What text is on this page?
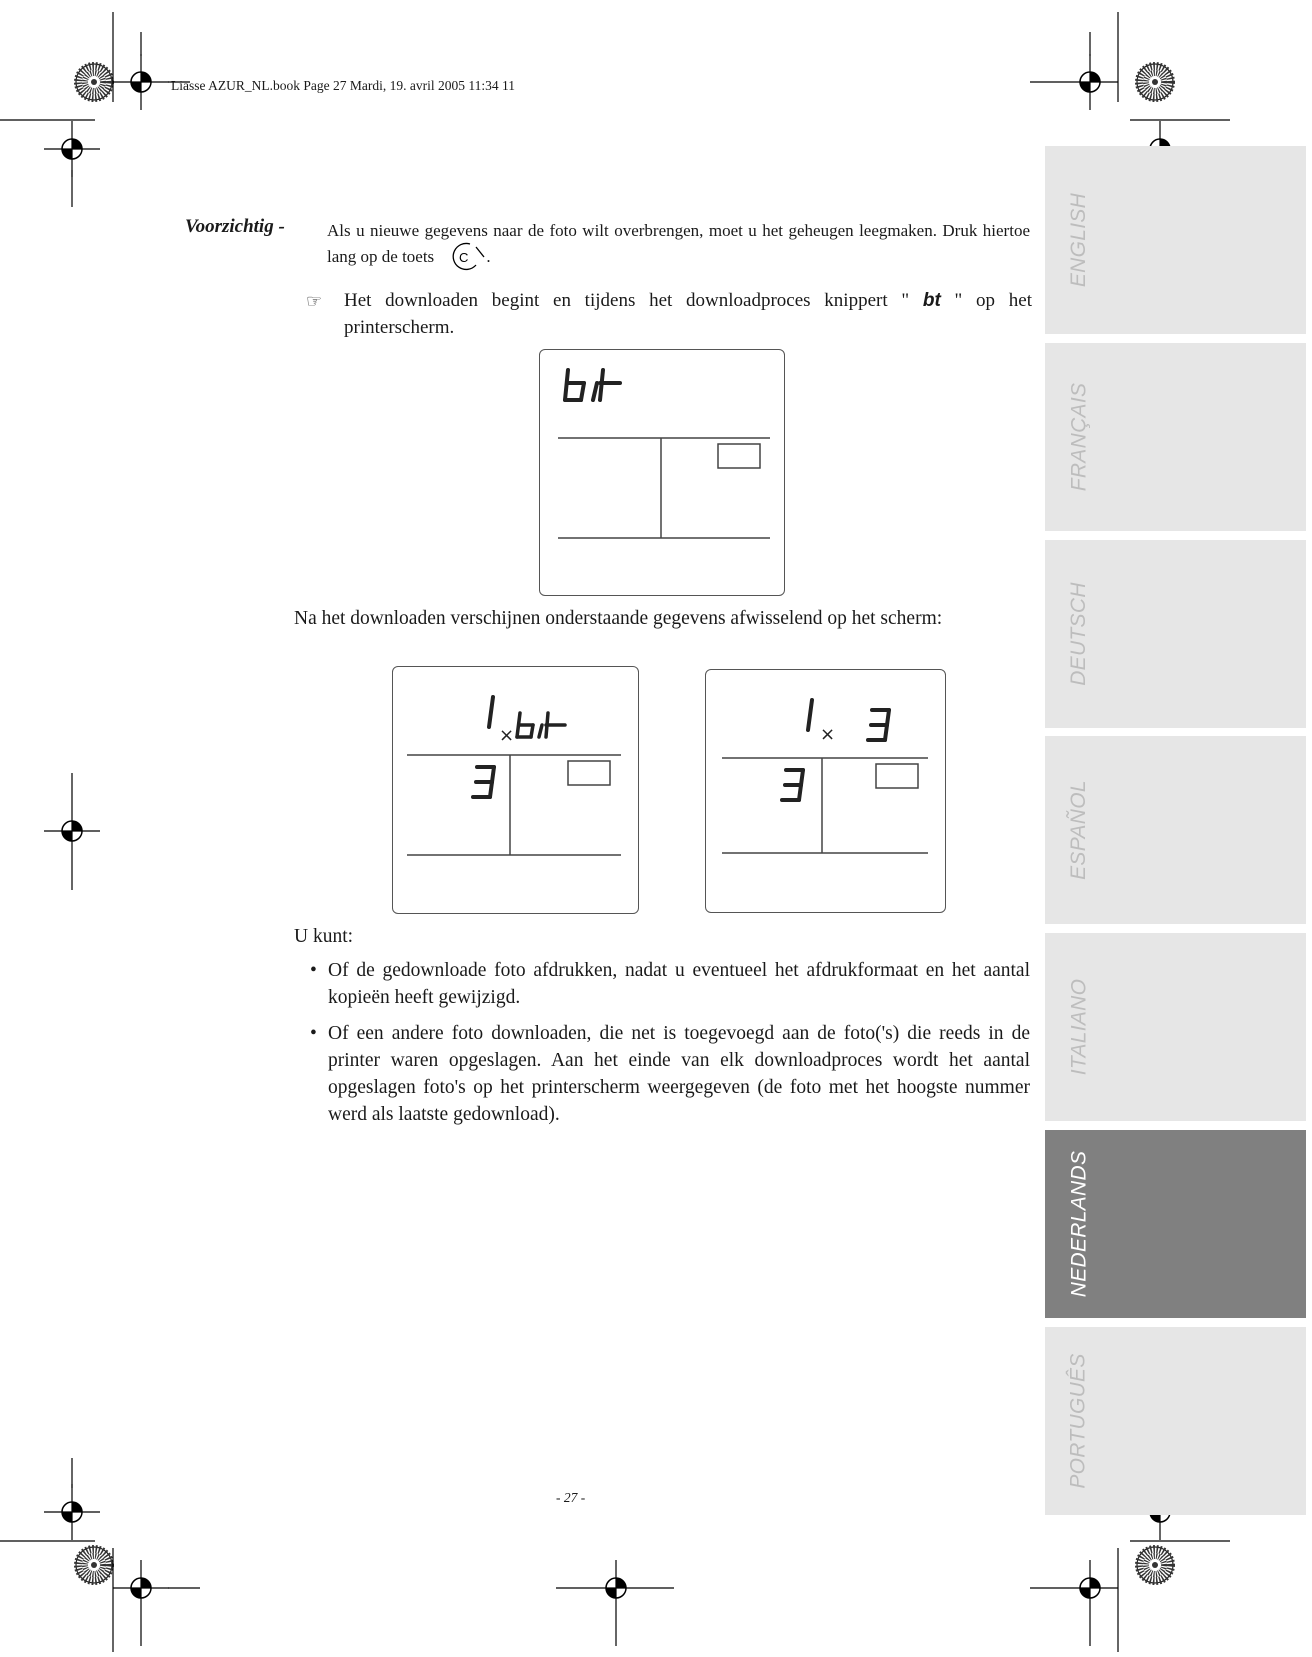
Liasse AZUR_NL.book Page 27 Mardi, 19. avril 2005 11:34 11
ENGLISH
FRANÇAIS
DEUTSCH
ESPAÑOL
ITALIANO
NEDERLANDS
PORTUGUÊS
Voorzichtig - Als u nieuwe gegevens naar de foto wilt overbrengen, moet u het geheugen leegmaken. Druk hiertoe lang op de toets C .
☞	Het downloaden begint en tijdens het downloadproces knippert " bt " op het printerscherm.
Na het downloaden verschijnen onderstaande gegevens afwisselend op het scherm:
×	×
U kunt:
• Of de gedownloade foto afdrukken, nadat u eventueel het afdrukformaat en het aantal kopieën heeft gewijzigd.
• Of een andere foto downloaden, die net is toegevoegd aan de foto('s) die reeds in de printer waren opgeslagen. Aan het einde van elk downloadproces wordt het aantal opgeslagen foto's op het printerscherm weergegeven (de foto met het hoogste nummer werd als laatste gedownload).
- 27 -
